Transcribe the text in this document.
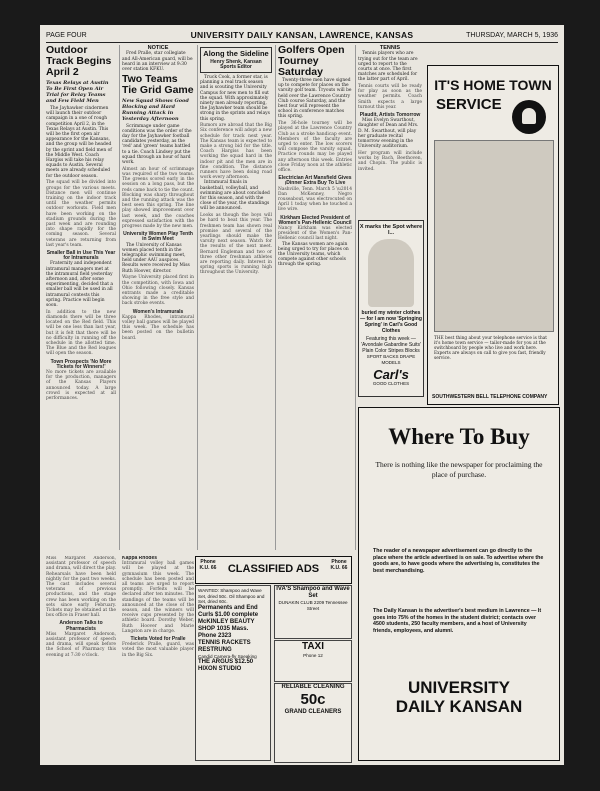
PAGE FOUR	UNIVERSITY DAILY KANSAN, LAWRENCE, KANSAS	THURSDAY, MARCH 5, 1936
Outdoor Track Begins April 2
Texas Relays at Austin To Be First Open Air Trial for Relay Teams and Few Field Men

The Jayhawker cindermen will launch their outdoor campaign in a one of rough competition April 2, in the Texas Relays at Austin. This will be the first open air appearance for the Kansans, and the group will be headed by the sprint and field men of the Middle West. Coach Hargiss will take his relay squads to Austin. Several meets are already scheduled for the outdoor season.

The squad will be divided into groups for the various meets. Distance men will continue training on the indoor track until the weather permits outdoor workouts. Field men have been working on the stadium grounds during the past week and are rounding into shape rapidly for the coming season. Several veterans are returning from last year's team.

Smaller Ball in Use This Year for Intramurals

Fraternity and independent intramural managers met at the intramural field yesterday afternoon and, after some experimenting, decided that a smaller ball will be used in all intramural contests this spring. Practice will begin soon.

In addition to the new diamonds there will be three located on the Red field. This will be one less than last year, but it is felt that there will be no difficulty in running off the schedule in the allotted time. The Blue and the Red leagues will open the season.

Town Prospects 'No More Tickets for Winners!'

No more tickets are available for the production, managers of the Kansas Players announced today. A large crowd is expected at all performances.

NOTICE

Fred Pralle, star collegiate and All-American guard, will be heard in an interview at 9:30 over station KFKU.

Two Teams Tie Grid Game
New Squad Shows Good Blocking and Hard Running Attack in Yesterday Afternoon

Scrimmage under game conditions was the order of the day for the Jayhawker football candidates yesterday, as the 'red' and 'green' teams battled to a tie. Coach Lindsey put the squad through an hour of hard work.

Almost an hour of scrimmage was required of the two teams. The greens scored early in the session on a long pass, but the reds came back to tie the count. Blocking was sharp throughout and the running attack was the best seen this spring. The line play showed improvement over last week, and the coaches expressed satisfaction with the progress made by the new men.

University Women Play Tenth in Swim Meet

The University of Kansas women placed tenth in the telegraphic swimming meet, held under AAU auspices. Results were received by Miss Ruth Hoover, director.

Wayne University placed first in the competition, with Iowa and Ohio following closely. Kansas entrants made a creditable showing in the free style and back stroke events.

Women's Intramurals

Kappa Rhodes, intramural volley ball games will be played this week. The schedule has been posted on the bulletin board.

Along the Sideline
Henry Shenk, Kansan Sports Editor

Truck Cook, a former star, is planning a real track season and is scouting the University Campus for new men to fill out the squad. With approximately ninety men already reporting, the Jayhawker team should be strong in the sprints and relays this spring.

Rumors are abroad that the Big Six conference will adopt a new schedule for track next year. The Kansas team is expected to make a strong bid for the title. Coach Hargiss has been working the squad hard in the indoor pit and the men are in fine condition. The distance runners have been doing road work every afternoon.

Intramural finals in basketball, volleyball, and swimming are about concluded for this season, and with the close of the year, the standings will be announced.

Looks as though the boys will be hard to beat this year. The freshmen team has shown real promise and several of the yearlings should make the varsity next season. Watch for the results of the next meet. Bernard Engleman and two or three other freshman athletes are reporting daily. Interest in spring sports is running high throughout the University.

Golfers Open Tourney Saturday

Twenty-three men have signed up to compete for places on the varsity golf team. Tryouts will be held over the Lawrence Country Club course Saturday, and the best four will represent the school in conference matches this spring.

The 36-hole tourney will be played at the Lawrence Country Club as a stroke handicap event. Members of the faculty are urged to enter. The low scorers will compose the varsity squad. Practice rounds may be played any afternoon this week. Entries close Friday noon at the athletic office.

Electrician Art Mansfield Gives ¡Dinner Extra Buy To Live

Nashville, Tenn. March 5 \u2014 Dan McKenney, Negro rouseabout, was electrocuted on April 1 today when he touched a live wire.

Kirkham Elected President of Women's Pan-Hellenic Council

Nancy Kirkham was elected president of the Women's Pan-Hellenic council last night.

The Kansas women are again being urged to try for places on the University teams, which compete against other schools through the spring.

TENNIS

Tennis players who are trying out for the team are urged to report to the courts at once. The first matches are scheduled for the latter part of April.

Tennis courts will be ready for play as soon as the weather permits. Coach Smith expects a large turnout this year.

Plaudit, Artists Tomorrow

Miss Evelyn Swarthout, daughter of Dean and Mrs. D. M. Swarthout, will play her graduate recital tomorrow evening in the University auditorium.

Her program will include works by Bach, Beethoven, and Chopin. The public is invited.

X marks the Spot where I...
buried my winter clothes — for I am now 'Springing Spring' in Carl's Good Clothes
Featuring this week — 'Avondale Gabardine Suits' Plain Color Stripes Blocks
SPORT BACKS DRAPE MODELS
Carl's
GOOD CLOTHES
IT'S HOME TOWN
SERVICE
THE best thing about your telephone service is that it's home town service — tailor-made for you at the switchboard by people who live and work here. Experts are always on call to give you fast, friendly service.
SOUTHWESTERN BELL TELEPHONE COMPANY
Where To Buy
There is nothing like the newspaper for proclaiming the place of purchase.
The reader of a newspaper advertisement can go directly to the place where the article advertised is on sale. To advertise where the goods are, to have goods where the advertising is, constitutes the best merchandising.
The Daily Kansan is the advertiser's best medium in Lawrence — It goes into 75% of the homes in the student district; contacts over 4500 students, 250 faculty members, and a host of University friends, employees, and alumni.
UNIVERSITY
DAILY KANSAN

Miss Margaret Anderson, assistant professor of speech and drama, will direct the play. Rehearsals have been held nightly for the past two weeks. The cast includes several veterans of previous productions, and the stage crew has been working on the sets since early February. Tickets may be obtained at the box office in Fraser hall.

Anderson Talks to Pharmacists

Miss Margaret Anderson, assistant professor of speech and drama, will speak before the School of Pharmacy this evening at 7:30 o'clock.

Kappa Rhodes

Intramural volley ball games will be played at the gymnasium this week. The schedule has been posted and all teams are urged to report promptly. Forfeits will be declared after ten minutes. The standings of the teams will be announced at the close of the season, and the winners will receive cups presented by the athletic board. Dorothy Weber, Ruth Hoover and Marie Langston are in charge.

Tickets Voted for Pralle

Frederick Pralle, guard, was voted the most valuable player in the Big Six.

Phone K.U. 66	CLASSIFIED ADS
Phone K.U. 66
WANTED: Shampoo and Wave Set, dried 50c. Oil Shampoo and Set, dried 60c.
Permanents and End Curls $1.00 complete
McKINLEY BEAUTY SHOP 1035 Mass. Phone 2323
TENNIS RACKETS RESTRUNG
Candid Camera-fly Speaking
THE ARGUS $12.50
HIXON STUDIO
IVA'S Shampoo and Wave Set
DUNAKIN CLUB 2209 Tennessee Street
TAXI
Phone 12
RELIABLE CLEANING
50c
GRAND CLEANERS
